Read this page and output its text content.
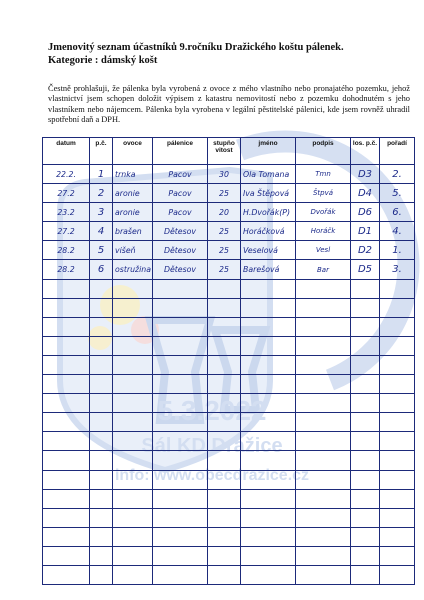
5.3.2022
Sál KD Dražice
info: www.obecdrazice.cz
Jmenovitý seznam účastníků 9.ročníku Dražického koštu pálenek.
Kategorie : dámský košt
Čestně prohlašuji, že pálenka byla vyrobená z ovoce z mého vlastního nebo pronajatého pozemku, jehož vlastnictví jsem schopen doložit výpisem z katastru nemovitostí nebo z pozemku dohodnutém s jeho vlastníkem nebo nájemcem. Pálenka byla vyrobena v legální pěstitelské pálenici, kde jsem rovněž uhradil spotřební daň a DPH.
datum	p.č.	ovoce	pálenice	stupňo vitost	jméno	podpis	los. p.č.	pořadí
22.2.	1	trnka	Pacov	30	Ola Tomana	Tmn	D3	2.
27.2	2	aronie	Pacov	25	Iva Štěpová	Štpvá	D4	5.
23.2	3	aronie	Pacov	20	H.Dvořák(P)	Dvořák	D6	6.
27.2	4	brašen	Dětesov	25	Horáčková	Horáčk	D1	4.
28.2	5	višeň	Dětesov	25	Veselová	Vesl	D2	1.
28.2	6	ostružina	Dětesov	25	Barešová	Bar	D5	3.
